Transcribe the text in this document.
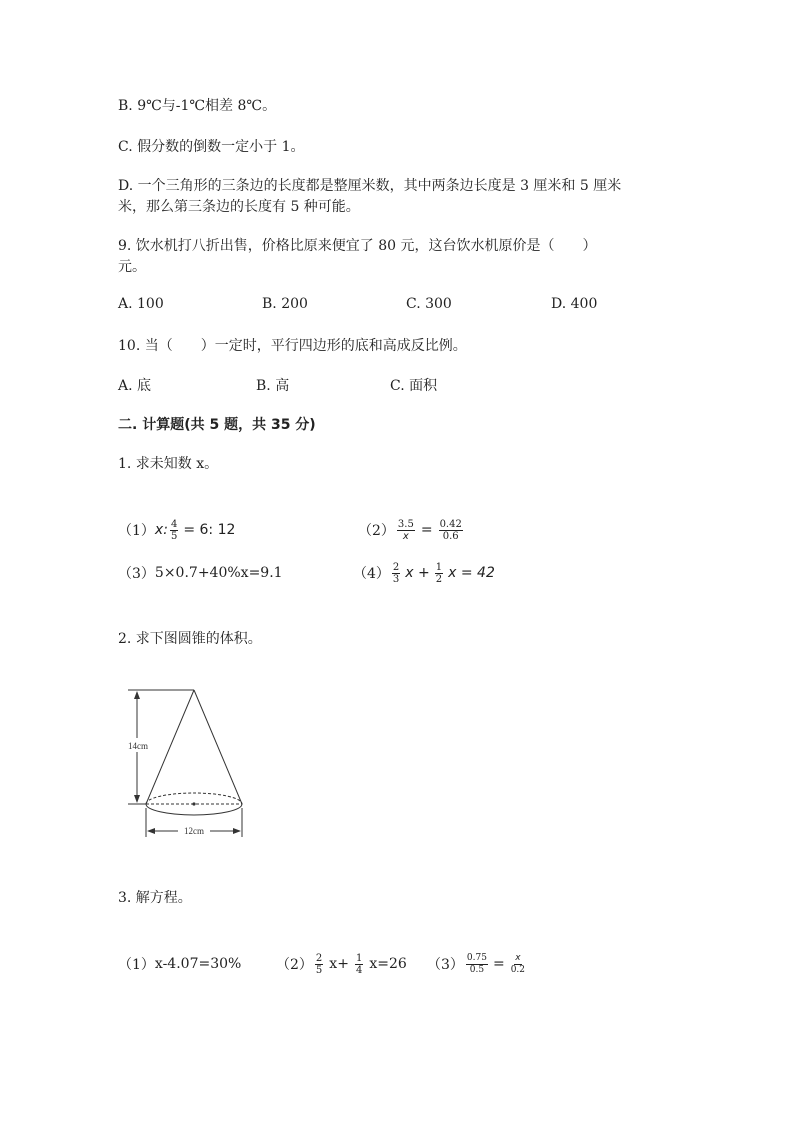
B. 9℃与-1℃相差 8℃。
C. 假分数的倒数一定小于 1。
D. 一个三角形的三条边的长度都是整厘米数，其中两条边长度是 3 厘米和 5 厘米
米，那么第三条边的长度有 5 种可能。
9. 饮水机打八折出售，价格比原来便宜了 80 元，这台饮水机原价是（　　）
元。
A. 100	B. 200	C. 300	D. 400
10. 当（　　）一定时，平行四边形的底和高成反比例。
A. 底	B. 高	C. 面积
二. 计算题(共 5 题，共 35 分)
1. 求未知数 x。
（1） x: $\frac{4}{5} = 6$: 12	$(2) \frac{3.5}{x} = \frac{0.42}{0.6}$
（3） 5×0.7+40%x=9.1	$(4) \frac{2}{3}$ $x + \frac{1}{2}$ x = 42
2. 求下图圆锥的体积。
14cm
12cm
3. 解方程。
（1） x-4.07=30% $(2) \frac{2}{5} x+ \frac{1}{4} x=26$ $(3) \frac{0.75}{0.5} = \frac{x}{0.2}$
